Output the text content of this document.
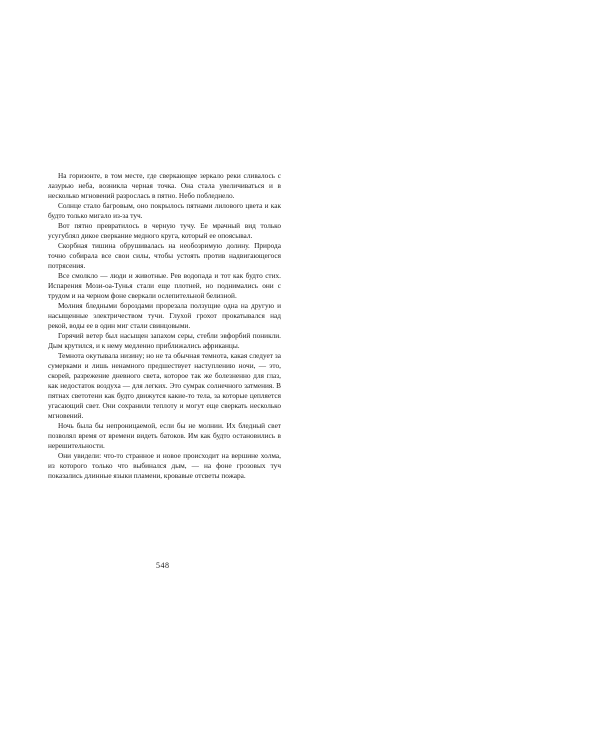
На горизонте, в том месте, где сверкающее зеркало реки сливалось с лазурью неба, возникла черная точка. Она стала увеличиваться и в несколько мгновений разрослась в пятно. Небо побледнело.

Солнце стало багровым, оно покрылось пятнами лилового цвета и как будто только мигало из-за туч.

Вот пятно превратилось в черную тучу. Ее мрачный вид только усугублял дикое сверкание медного круга, который ее опоясывал.

Скорбная тишина обрушивалась на необозримую долину. Природа точно собирала все свои силы, чтобы устоять против надвигающегося потрясения.

Все смолкло — люди и животные. Рев водопада и тот как будто стих. Испарения Мози-оа-Тунья стали еще плотней, но поднимались они с трудом и на черном фоне сверкали ослепительной белизной.

Молния бледными бороздами прорезала ползущие одна на другую и насыщенные электричеством тучи. Глухой грохот прокатывался над рекой, воды ее в один миг стали свинцовыми.

Горячий ветер был насыщен запахом серы, стебли эвфорбий поникли. Дым крутился, и к нему медленно приближались африканцы.

Темнота окутывала низину; но не та обычная темнота, какая следует за сумерками и лишь ненамного предшествует наступлению ночи, — это, скорей, разрежение дневного света, которое так же болезненно для глаз, как недостаток воздуха — для легких. Это сумрак солнечного затмения. В пятнах светотени как будто движутся какие-то тела, за которые цепляется угасающий свет. Они сохранили теплоту и могут еще сверкать несколько мгновений.

Ночь была бы непроницаемой, если бы не молнии. Их бледный свет позволял время от времени видеть батоков. Им как будто остановились в нерешительности.

Они увидели: что-то странное и новое происходит на вершине холма, из которого только что выбинался дым, — на фоне грозовых туч показались длинные языки пламени, кровавые отсветы пожара.

548
